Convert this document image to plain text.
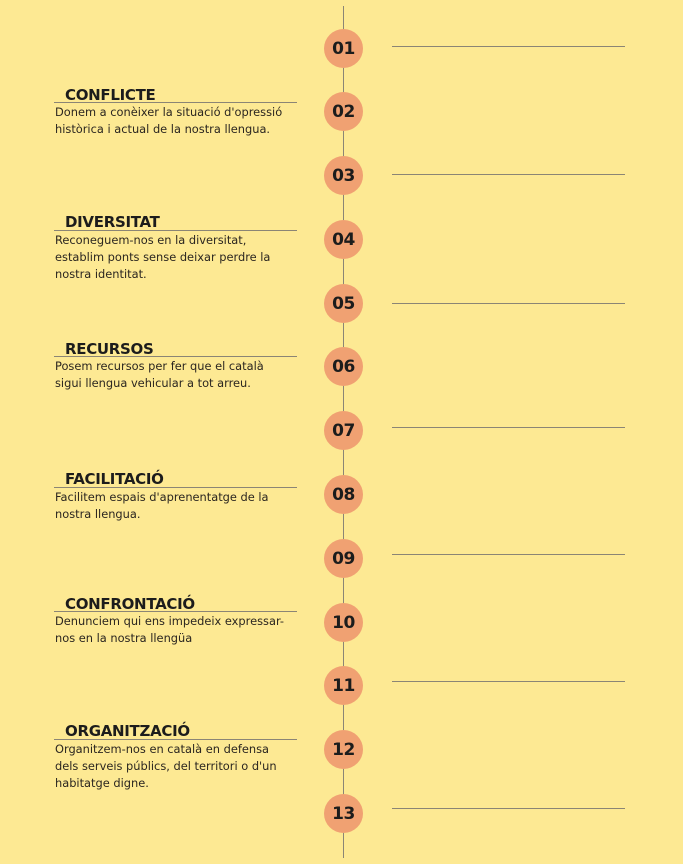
01
02
CONFLICTE
Donem a conèixer la situació d'opressió històrica i actual de la nostra llengua.
03
04
DIVERSITAT
Reconeguem-nos en la diversitat, establim ponts sense deixar perdre la nostra identitat.
05
06
RECURSOS
Posem recursos per fer que el català sigui llengua vehicular a tot arreu.
07
08
FACILITACIÓ
Facilitem espais d'aprenentatge de la nostra llengua.
09
10
CONFRONTACIÓ
Denunciem qui ens impedeix expressar-nos en la nostra llengüa
11
12
ORGANITZACIÓ
Organitzem-nos en català en defensa dels serveis públics, del territori o d'un habitatge digne.
13
